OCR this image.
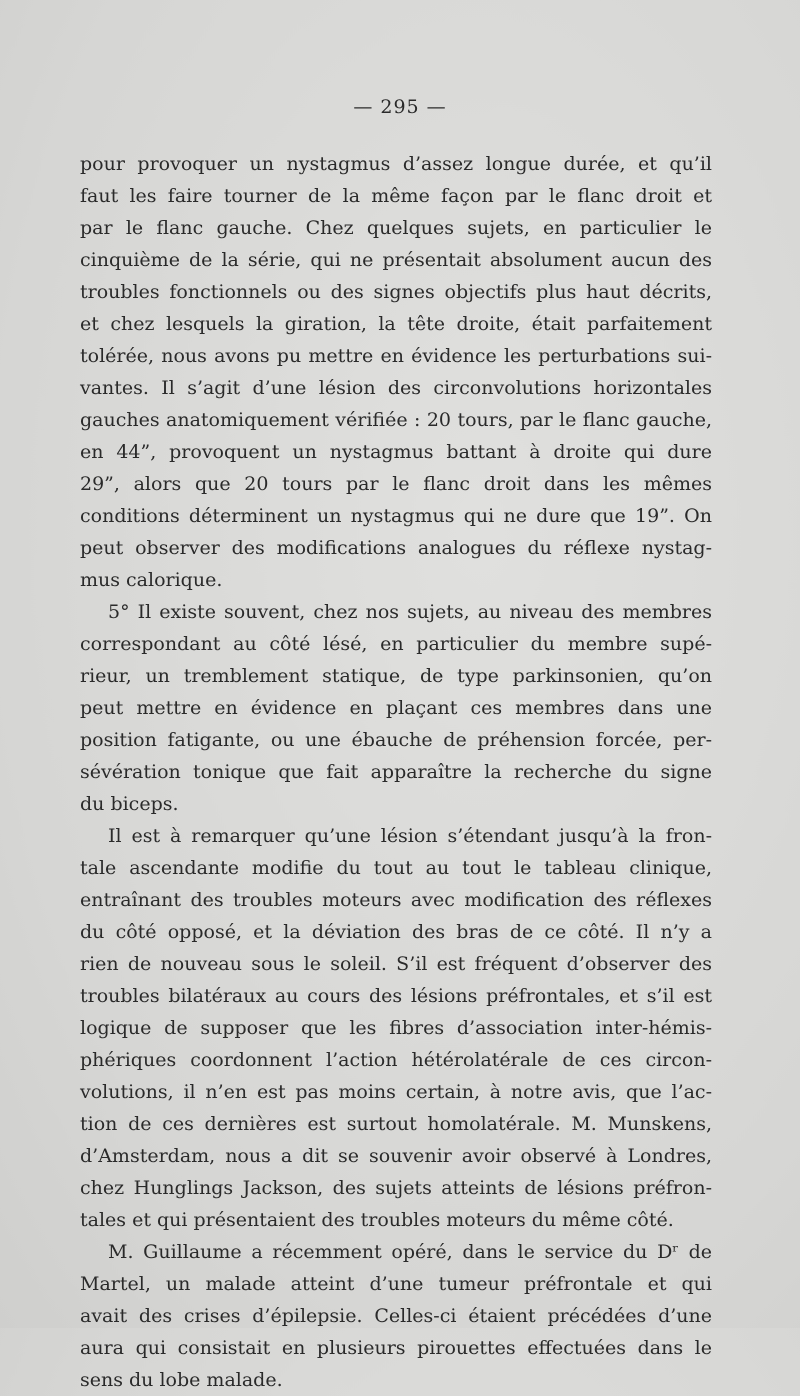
— 295 —
pour provoquer un nystagmus d’assez longue durée, et qu’il
faut les faire tourner de la même façon par le flanc droit et
par le flanc gauche. Chez quelques sujets, en particulier le
cinquième de la série, qui ne présentait absolument aucun des
troubles fonctionnels ou des signes objectifs plus haut décrits,
et chez lesquels la giration, la tête droite, était parfaitement
tolérée, nous avons pu mettre en évidence les perturbations sui-
vantes. Il s’agit d’une lésion des circonvolutions horizontales
gauches anatomiquement vérifiée : 20 tours, par le flanc gauche,
en 44”, provoquent un nystagmus battant à droite qui dure
29”, alors que 20 tours par le flanc droit dans les mêmes
conditions déterminent un nystagmus qui ne dure que 19”. On
peut observer des modifications analogues du réflexe nystag-
mus calorique.
5° Il existe souvent, chez nos sujets, au niveau des membres
correspondant au côté lésé, en particulier du membre supé-
rieur, un tremblement statique, de type parkinsonien, qu’on
peut mettre en évidence en plaçant ces membres dans une
position fatigante, ou une ébauche de préhension forcée, per-
sévération tonique que fait apparaître la recherche du signe
du biceps.
Il est à remarquer qu’une lésion s’étendant jusqu’à la fron-
tale ascendante modifie du tout au tout le tableau clinique,
entraînant des troubles moteurs avec modification des réflexes
du côté opposé, et la déviation des bras de ce côté. Il n’y a
rien de nouveau sous le soleil. S’il est fréquent d’observer des
troubles bilatéraux au cours des lésions préfrontales, et s’il est
logique de supposer que les fibres d’association inter-hémis-
phériques coordonnent l’action hétérolatérale de ces circon-
volutions, il n’en est pas moins certain, à notre avis, que l’ac-
tion de ces dernières est surtout homolatérale. M. Munskens,
d’Amsterdam, nous a dit se souvenir avoir observé à Londres,
chez Hunglings Jackson, des sujets atteints de lésions préfron-
tales et qui présentaient des troubles moteurs du même côté.
M. Guillaume a récemment opéré, dans le service du Dʳ de
Martel, un malade atteint d’une tumeur préfrontale et qui
avait des crises d’épilepsie. Celles-ci étaient précédées d’une
aura qui consistait en plusieurs pirouettes effectuées dans le
sens du lobe malade.
